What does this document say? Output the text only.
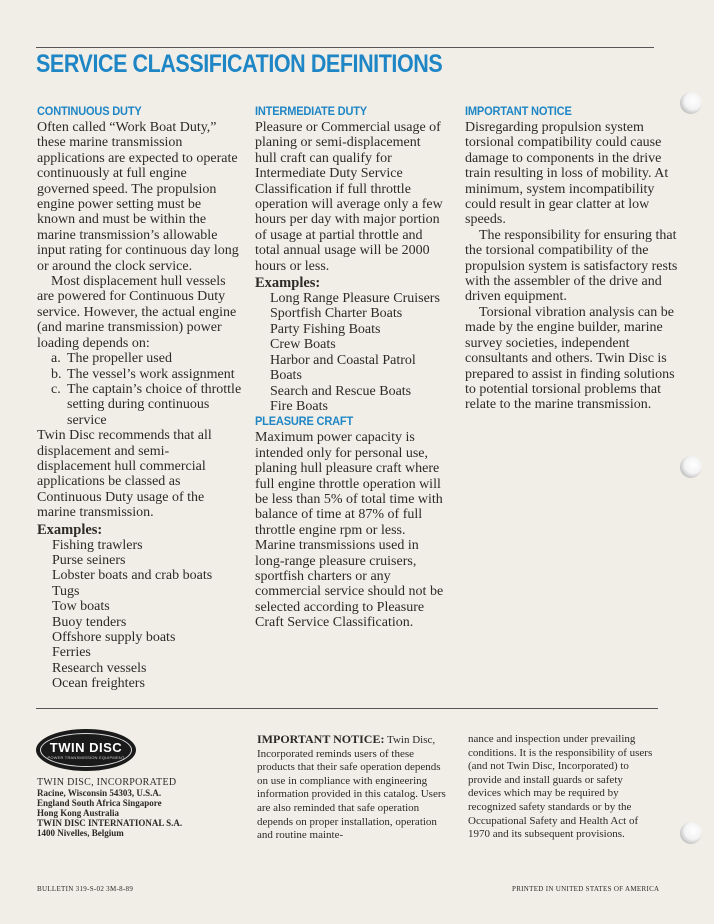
SERVICE CLASSIFICATION DEFINITIONS
CONTINUOUS DUTY

Often called “Work Boat Duty,” these marine transmission applications are expected to operate continuously at full engine governed speed. The propulsion engine power setting must be known and must be within the marine transmission’s allowable input rating for continuous day long or around the clock service.

Most displacement hull vessels are powered for Continuous Duty service. However, the actual engine (and marine transmission) power loading depends on:

a. The propeller used
b. The vessel’s work assignment
c. The captain’s choice of throttle setting during continuous service

Twin Disc recommends that all displacement and semi-displacement hull commercial applications be classed as Continuous Duty usage of the marine transmission.

Examples:
Fishing trawlers
Purse seiners
Lobster boats and crab boats
Tugs
Tow boats
Buoy tenders
Offshore supply boats
Ferries
Research vessels
Ocean freighters
INTERMEDIATE DUTY

Pleasure or Commercial usage of planing or semi-displacement hull craft can qualify for Intermediate Duty Service Classification if full throttle operation will average only a few hours per day with major portion of usage at partial throttle and total annual usage will be 2000 hours or less.

Examples:
Long Range Pleasure Cruisers
Sportfish Charter Boats
Party Fishing Boats
Crew Boats
Harbor and Coastal Patrol Boats
Search and Rescue Boats
Fire Boats
PLEASURE CRAFT

Maximum power capacity is intended only for personal use, planing hull pleasure craft where full engine throttle operation will be less than 5% of total time with balance of time at 87% of full throttle engine rpm or less. Marine transmissions used in long-range pleasure cruisers, sportfish charters or any commercial service should not be selected according to Pleasure Craft Service Classification.

IMPORTANT NOTICE

Disregarding propulsion system torsional compatibility could cause damage to components in the drive train resulting in loss of mobility. At minimum, system incompatibility could result in gear clatter at low speeds.

The responsibility for ensuring that the torsional compatibility of the propulsion system is satisfactory rests with the assembler of the drive and driven equipment.

Torsional vibration analysis can be made by the engine builder, marine survey societies, independent consultants and others. Twin Disc is prepared to assist in finding solutions to potential torsional problems that relate to the marine transmission.

TWIN DISC
POWER TRANSMISSION EQUIPMENT
TWIN DISC, INCORPORATED
Racine, Wisconsin 54303, U.S.A.
England South Africa Singapore
Hong Kong Australia
TWIN DISC INTERNATIONAL S.A.
1400 Nivelles, Belgium
IMPORTANT NOTICE: Twin Disc, Incorporated reminds users of these products that their safe operation depends on use in compliance with engineering information provided in this catalog. Users are also reminded that safe operation depends on proper installation, operation and routine mainte-
nance and inspection under prevailing conditions. It is the responsibility of users (and not Twin Disc, Incorporated) to provide and install guards or safety devices which may be required by recognized safety standards or by the Occupational Safety and Health Act of 1970 and its subsequent provisions.
BULLETIN 319-S-02 3M-8-89	PRINTED IN UNITED STATES OF AMERICA
